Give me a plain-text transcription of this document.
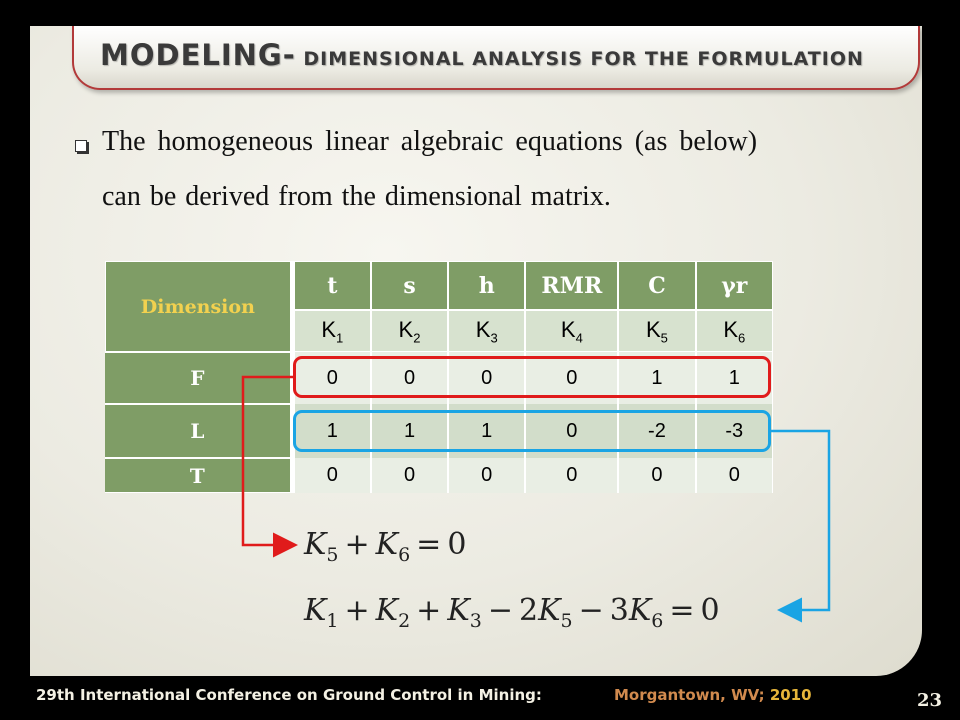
MODELING- DIMENSIONAL ANALYSIS FOR THE FORMULATION
The homogeneous linear algebraic equations (as below)
can be derived from the dimensional matrix.
Dimension	t	s	h	RMR	C	γr
	$K_1$	$K_2$	$K_3$	$K_4$	$K_5$	$K_6$
F	0	0	0	0	1	1
L	1	1	1	0	-2	-3
T	0	0	0	0	0	0
$K_5 + K_6 = 0$
$K_1 + K_2 + K_3 - 2K_5 - 3K_6 = 0$
29th International Conference on Ground Control in Mining:	Morgantown, WV; 2010	23
